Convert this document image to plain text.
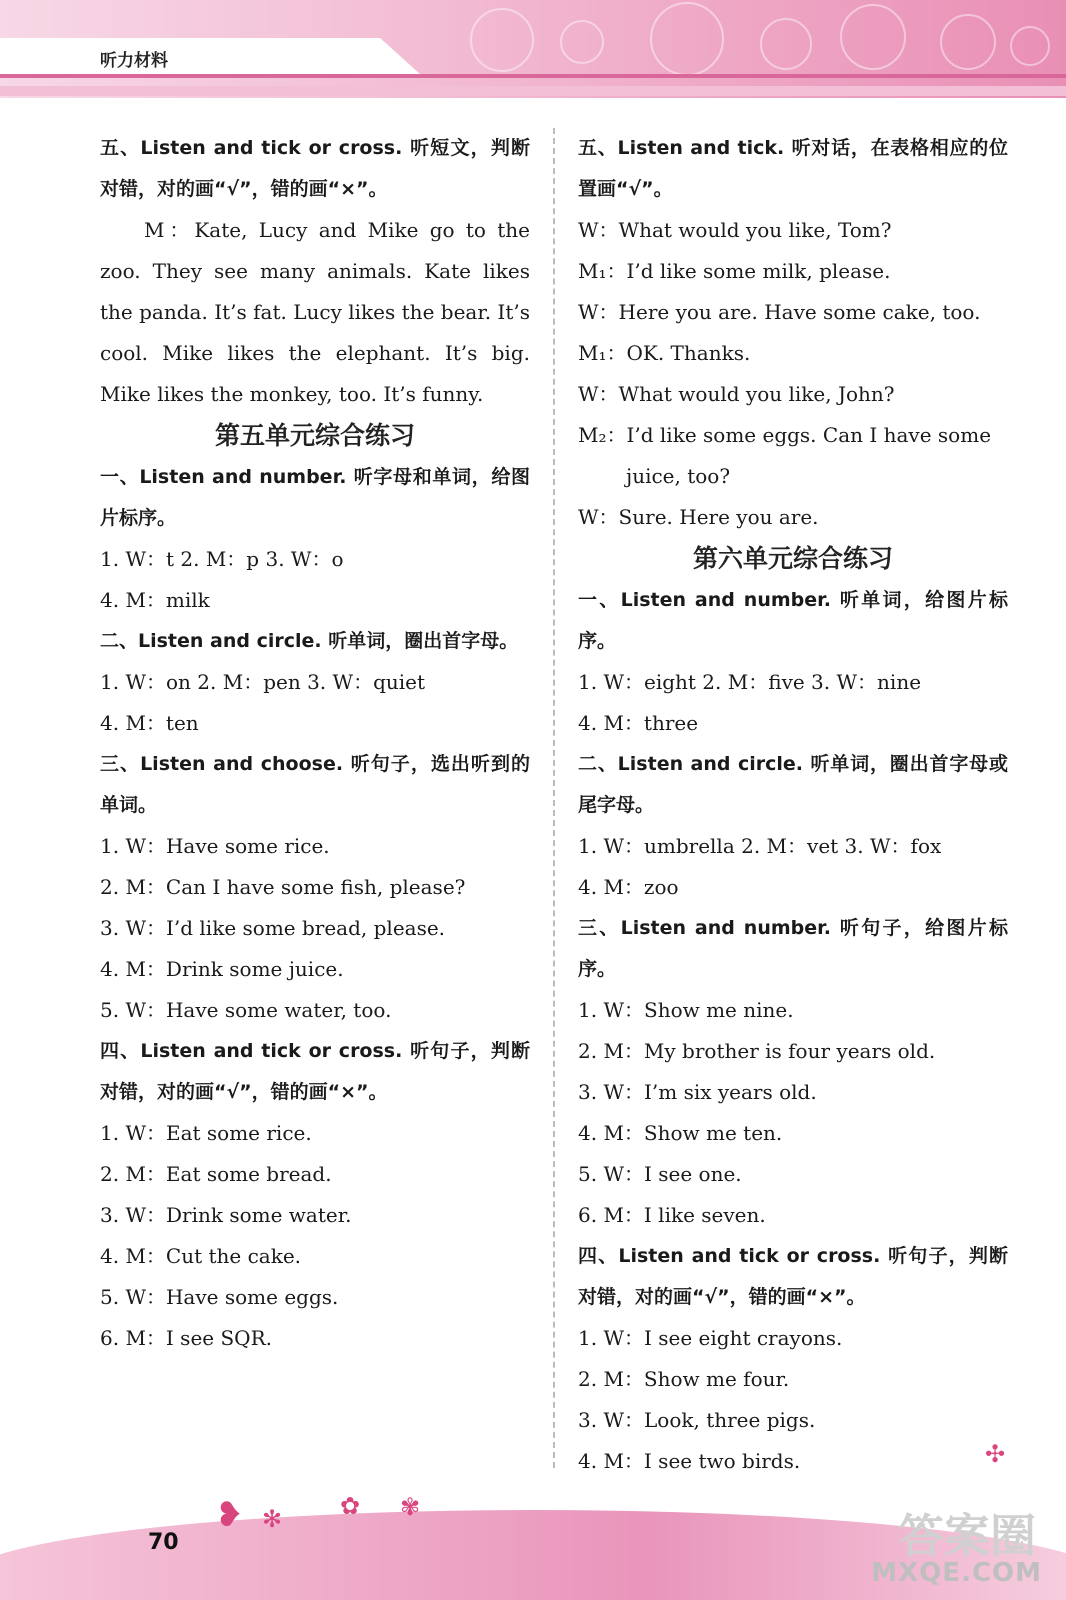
听力材料

五、Listen and tick or cross. 听短文，判断对错，对的画“√”，错的画“×”。

M：Kate, Lucy and Mike go to the zoo. They see many animals. Kate likes the panda. It’s fat. Lucy likes the bear. It’s cool. Mike likes the elephant. It’s big. Mike likes the monkey, too. It’s funny.

第五单元综合练习

一、Listen and number. 听字母和单词，给图片标序。

1. W：t 2. M：p 3. W：o

4. M：milk

二、Listen and circle. 听单词，圈出首字母。

1. W：on 2. M：pen 3. W：quiet

4. M：ten

三、Listen and choose. 听句子，选出听到的单词。

1. W：Have some rice.

2. M：Can I have some fish, please?

3. W：I’d like some bread, please.

4. M：Drink some juice.

5. W：Have some water, too.

四、Listen and tick or cross. 听句子，判断对错，对的画“√”，错的画“×”。

1. W：Eat some rice.

2. M：Eat some bread.

3. W：Drink some water.

4. M：Cut the cake.

5. W：Have some eggs.

6. M：I see SQR.

五、Listen and tick. 听对话，在表格相应的位置画“√”。

W：What would you like, Tom?

M₁：I’d like some milk, please.

W：Here you are. Have some cake, too.

M₁：OK. Thanks.

W：What would you like, John?

M₂：I’d like some eggs. Can I have some juice, too?

W：Sure. Here you are.

第六单元综合练习

一、Listen and number. 听单词，给图片标序。

1. W：eight 2. M：five 3. W：nine

4. M：three

二、Listen and circle. 听单词，圈出首字母或尾字母。

1. W：umbrella 2. M：vet 3. W：fox

4. M：zoo

三、Listen and number. 听句子，给图片标序。

1. W：Show me nine.

2. M：My brother is four years old.

3. W：I’m six years old.

4. M：Show me ten.

5. W：I see one.

6. M：I like seven.

四、Listen and tick or cross. 听句子，判断对错，对的画“√”，错的画“×”。

1. W：I see eight crayons.

2. M：Show me four.

3. W：Look, three pigs.

4. M：I see two birds.

❥ ✻ ✿ ✾
✣
70	答案圈
MXQE.COM
